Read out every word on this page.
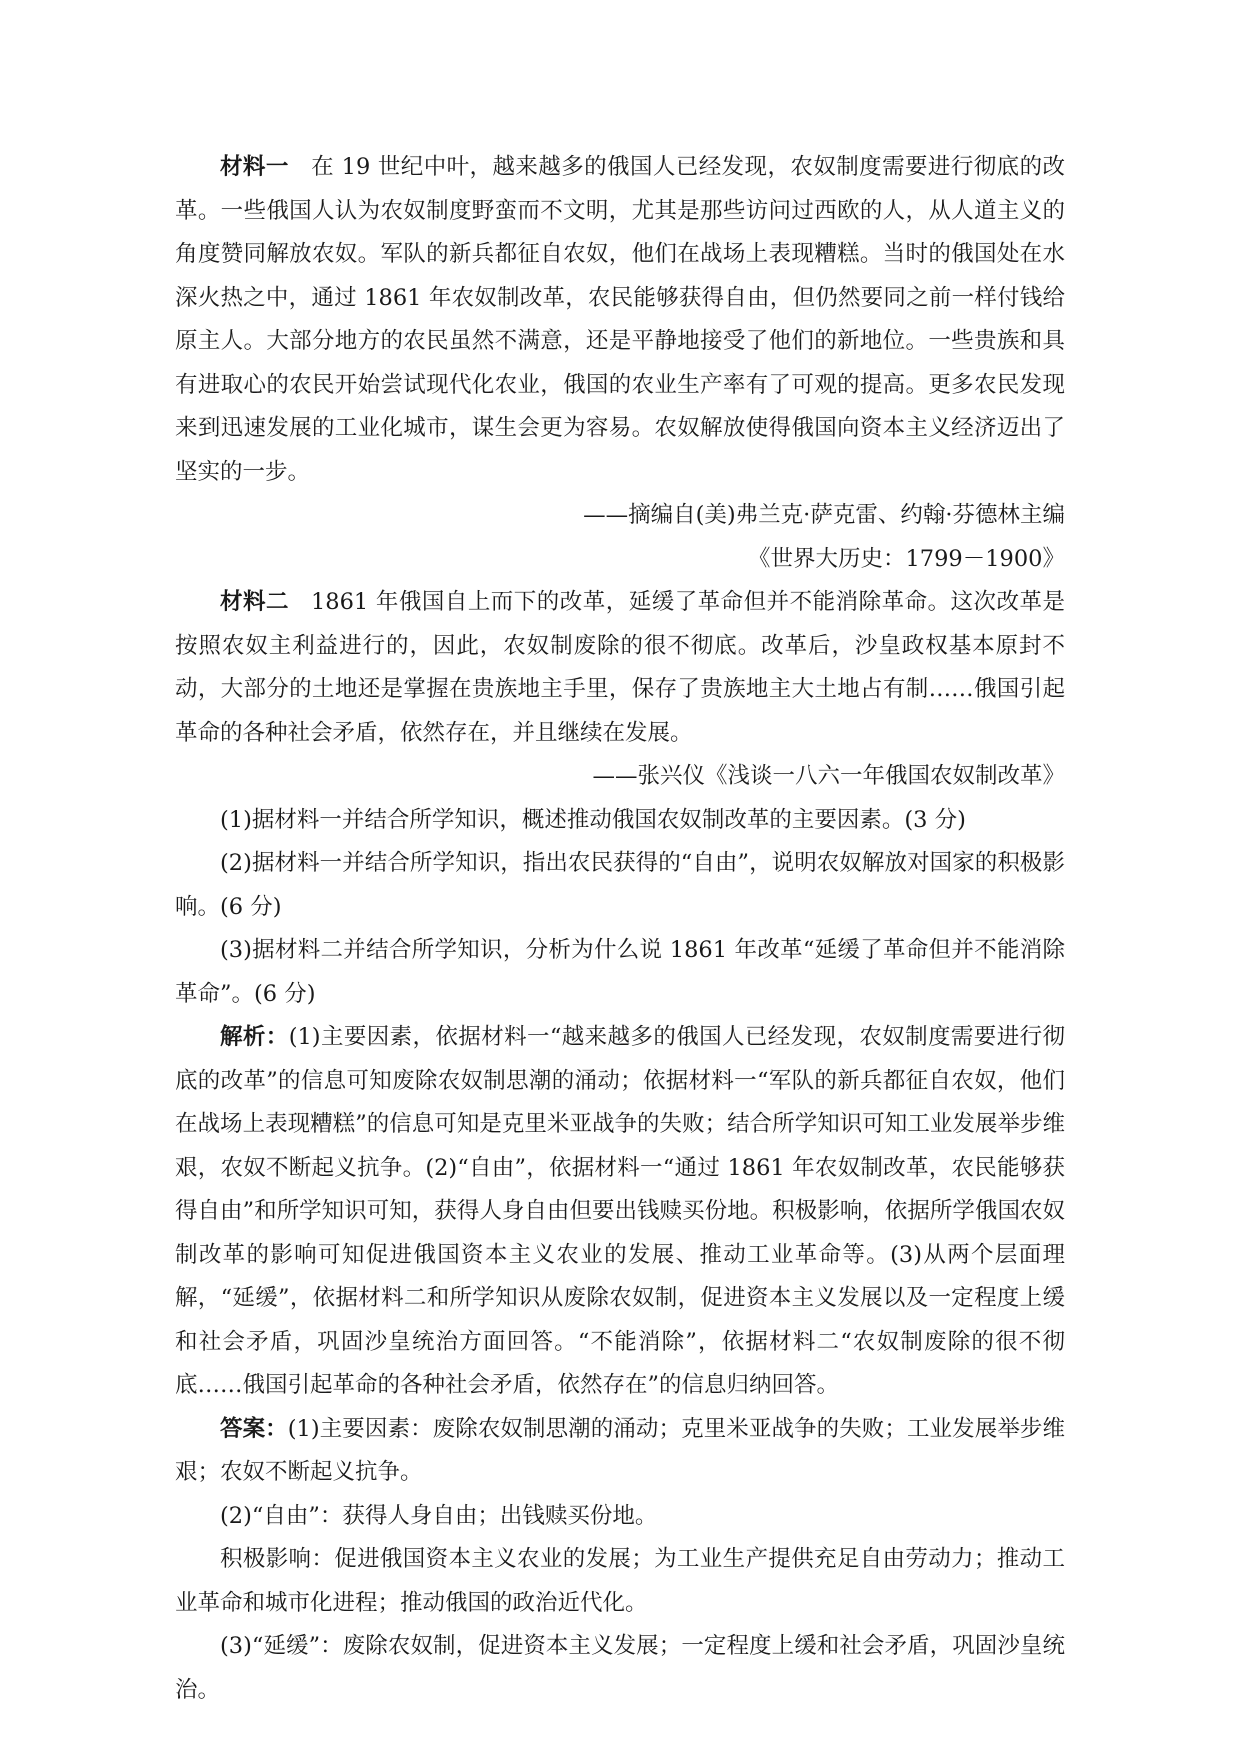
材料一 在 19 世纪中叶，越来越多的俄国人已经发现，农奴制度需要进行彻底的改革。一些俄国人认为农奴制度野蛮而不文明，尤其是那些访问过西欧的人，从人道主义的角度赞同解放农奴。军队的新兵都征自农奴，他们在战场上表现糟糕。当时的俄国处在水深火热之中，通过 1861 年农奴制改革，农民能够获得自由，但仍然要同之前一样付钱给原主人。大部分地方的农民虽然不满意，还是平静地接受了他们的新地位。一些贵族和具有进取心的农民开始尝试现代化农业，俄国的农业生产率有了可观的提高。更多农民发现来到迅速发展的工业化城市，谋生会更为容易。农奴解放使得俄国向资本主义经济迈出了坚实的一步。

——摘编自(美)弗兰克·萨克雷、约翰·芬德林主编
《世界大历史：1799－1900》

材料二 1861 年俄国自上而下的改革，延缓了革命但并不能消除革命。这次改革是按照农奴主利益进行的，因此，农奴制废除的很不彻底。改革后，沙皇政权基本原封不动，大部分的土地还是掌握在贵族地主手里，保存了贵族地主大土地占有制……俄国引起革命的各种社会矛盾，依然存在，并且继续在发展。

——张兴仪《浅谈一八六一年俄国农奴制改革》

(1)据材料一并结合所学知识，概述推动俄国农奴制改革的主要因素。(3 分)

(2)据材料一并结合所学知识，指出农民获得的“自由”，说明农奴解放对国家的积极影响。(6 分)

(3)据材料二并结合所学知识，分析为什么说 1861 年改革“延缓了革命但并不能消除革命”。(6 分)

解析：(1)主要因素，依据材料一“越来越多的俄国人已经发现，农奴制度需要进行彻底的改革”的信息可知废除农奴制思潮的涌动；依据材料一“军队的新兵都征自农奴，他们在战场上表现糟糕”的信息可知是克里米亚战争的失败；结合所学知识可知工业发展举步维艰，农奴不断起义抗争。(2)“自由”，依据材料一“通过 1861 年农奴制改革，农民能够获得自由”和所学知识可知，获得人身自由但要出钱赎买份地。积极影响，依据所学俄国农奴制改革的影响可知促进俄国资本主义农业的发展、推动工业革命等。(3)从两个层面理解，“延缓”，依据材料二和所学知识从废除农奴制，促进资本主义发展以及一定程度上缓和社会矛盾，巩固沙皇统治方面回答。“不能消除”，依据材料二“农奴制废除的很不彻底……俄国引起革命的各种社会矛盾，依然存在”的信息归纳回答。

答案：(1)主要因素：废除农奴制思潮的涌动；克里米亚战争的失败；工业发展举步维艰；农奴不断起义抗争。

(2)“自由”：获得人身自由；出钱赎买份地。

积极影响：促进俄国资本主义农业的发展；为工业生产提供充足自由劳动力；推动工业革命和城市化进程；推动俄国的政治近代化。

(3)“延缓”：废除农奴制，促进资本主义发展；一定程度上缓和社会矛盾，巩固沙皇统治。
